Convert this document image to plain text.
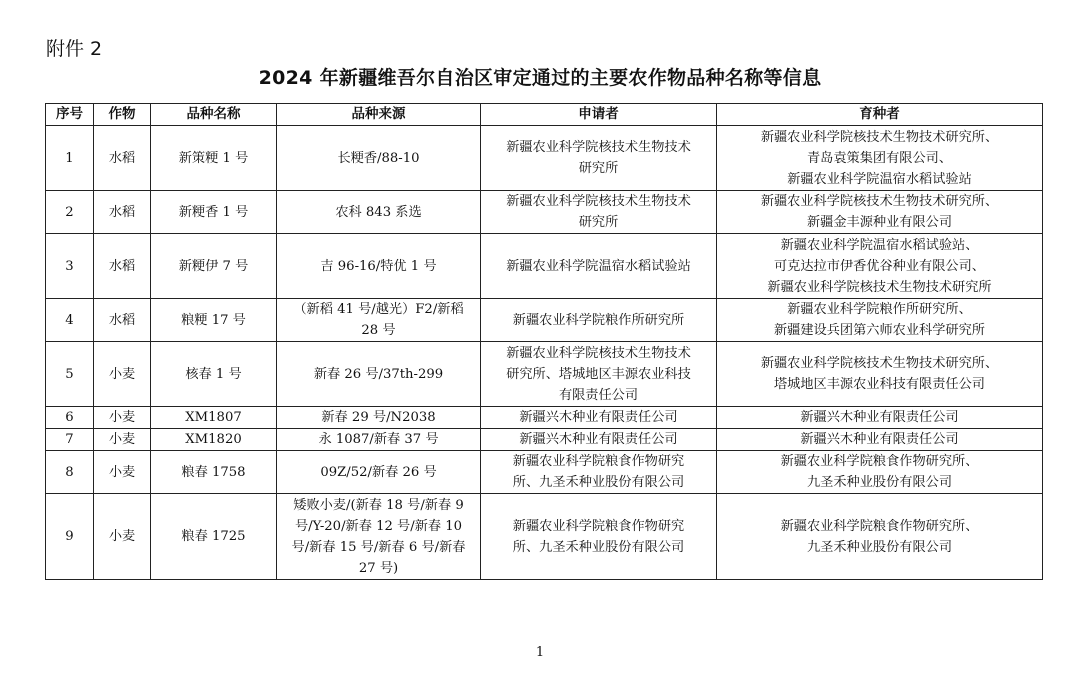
附件 2
2024 年新疆维吾尔自治区审定通过的主要农作物品种名称等信息
序号	作物	品种名称	品种来源	申请者	育种者
1	水稻	新策粳 1 号	长粳香/88-10	新疆农业科学院核技术生物技术
研究所	新疆农业科学院核技术生物技术研究所、
青岛袁策集团有限公司、
新疆农业科学院温宿水稻试验站

2	水稻	新粳香 1 号	农科 843 系选	新疆农业科学院核技术生物技术
研究所	新疆农业科学院核技术生物技术研究所、
新疆金丰源种业有限公司

3	水稻	新粳伊 7 号	吉 96-16/特优 1 号	新疆农业科学院温宿水稻试验站	新疆农业科学院温宿水稻试验站、
可克达拉市伊香优谷种业有限公司、
新疆农业科学院核技术生物技术研究所

4	水稻	粮粳 17 号	（新稻 41 号/越光）F2/新稻
28 号	新疆农业科学院粮作所研究所	新疆农业科学院粮作所研究所、
新疆建设兵团第六师农业科学研究所

5	小麦	核春 1 号	新春 26 号/37th-299	新疆农业科学院核技术生物技术
研究所、塔城地区丰源农业科技
有限责任公司	新疆农业科学院核技术生物技术研究所、
塔城地区丰源农业科技有限责任公司

6	小麦	XM1807	新春 29 号/N2038	新疆兴木种业有限责任公司	新疆兴木种业有限责任公司

7	小麦	XM1820	永 1087/新春 37 号	新疆兴木种业有限责任公司	新疆兴木种业有限责任公司

8	小麦	粮春 1758	09Z/52/新春 26 号	新疆农业科学院粮食作物研究
所、九圣禾种业股份有限公司	新疆农业科学院粮食作物研究所、
九圣禾种业股份有限公司

9	小麦	粮春 1725	矮败小麦/(新春 18 号/新春 9
号/Y-20/新春 12 号/新春 10
号/新春 15 号/新春 6 号/新春
27 号)	新疆农业科学院粮食作物研究
所、九圣禾种业股份有限公司	新疆农业科学院粮食作物研究所、
九圣禾种业股份有限公司
1
